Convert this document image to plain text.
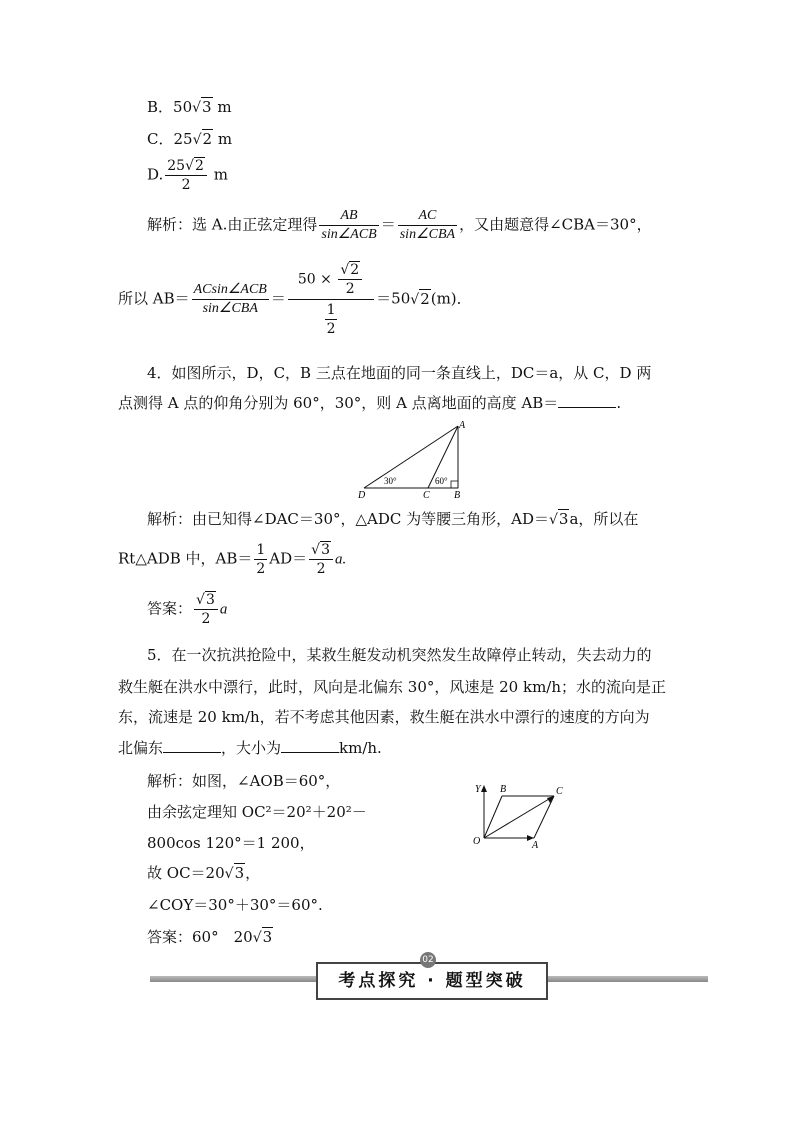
B．50√3 m
C．25√2 m
D. $\frac{25√2}{2}$ m
解析：选 A.由正弦定理得 $\frac{AB}{\text{sin∠ACB}} = \frac{AC}{\text{sin∠CBA}}$ ，又由题意得∠CBA＝30°，
所以 $AB= \frac{\text{ACsin∠ACB}}{\text{sin∠CBA}} = \frac{50 \times \frac{√2}{2}}{\frac{1}{2}} =50√2(m)$．
4．如图所示，D，C，B 三点在地面的同一条直线上，DC＝a，从 C，D 两
点测得 A 点的仰角分别为 60°，30°，则 A 点离地面的高度 AB＝	.
A
B
C
D
30°	60°
解析：由已知得∠DAC＝30°，△ADC 为等腰三角形，AD＝√3a，所以在
Rt△ADB 中，$AB= \frac{1}{2} AD= \frac{√3}{2} a$.
答案： $\frac{√3}{2}$ a
5．在一次抗洪抢险中，某救生艇发动机突然发生故障停止转动，失去动力的
救生艇在洪水中漂行，此时，风向是北偏东 30°，风速是 20 km/h；水的流向是正
东，流速是 20 km/h，若不考虑其他因素，救生艇在洪水中漂行的速度的方向为
北偏东	，大小为	km/h.
解析：如图，∠AOB＝60°，
由余弦定理知 OC²＝20²＋20²－
800cos 120°＝1 200，
故 OC＝20√3，
∠COY＝30°＋30°＝60°.
答案：60°　20√3
Y B	C
O	A
考点探究 · 题型突破
02
